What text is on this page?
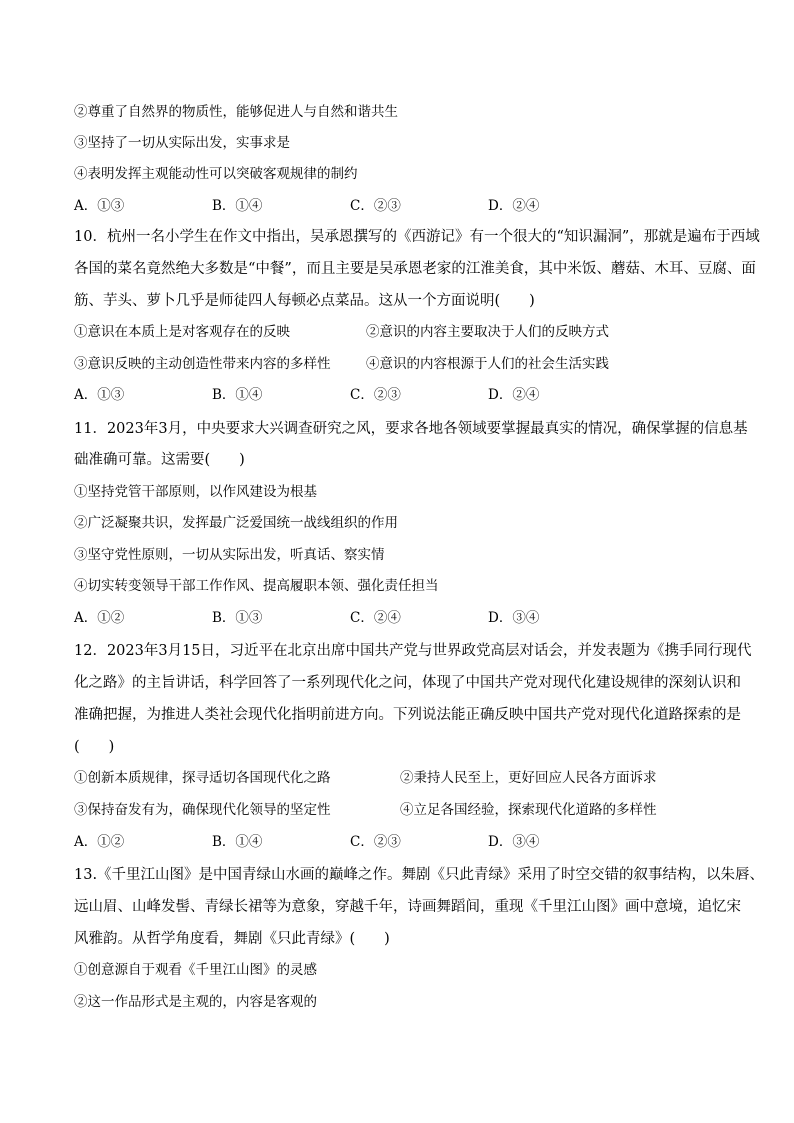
②尊重了自然界的物质性，能够促进人与自然和谐共生
③坚持了一切从实际出发，实事求是
④表明发挥主观能动性可以突破客观规律的制约
A．①③	B．①④	C．②③	D．②④
10．杭州一名小学生在作文中指出，吴承恩撰写的《西游记》有一个很大的“知识漏洞”，那就是遍布于西域
各国的菜名竟然绝大多数是“中餐”，而且主要是吴承恩老家的江淮美食，其中米饭、蘑菇、木耳、豆腐、面
筋、芋头、萝卜几乎是师徒四人每顿必点菜品。这从一个方面说明(　　)
①意识在本质上是对客观存在的反映	②意识的内容主要取决于人们的反映方式
③意识反映的主动创造性带来内容的多样性	④意识的内容根源于人们的社会生活实践
A．①③	B．①④	C．②③	D．②④
11．2023年3月，中央要求大兴调查研究之风，要求各地各领域要掌握最真实的情况，确保掌握的信息基
础准确可靠。这需要(　　)
①坚持党管干部原则，以作风建设为根基
②广泛凝聚共识，发挥最广泛爱国统一战线组织的作用
③坚守党性原则，一切从实际出发，听真话、察实情
④切实转变领导干部工作作风、提高履职本领、强化责任担当
A．①②	B．①③	C．②④	D．③④
12．2023年3月15日，习近平在北京出席中国共产党与世界政党高层对话会，并发表题为《携手同行现代
化之路》的主旨讲话，科学回答了一系列现代化之问，体现了中国共产党对现代化建设规律的深刻认识和
准确把握，为推进人类社会现代化指明前进方向。下列说法能正确反映中国共产党对现代化道路探索的是
(　　)
①创新本质规律，探寻适切各国现代化之路	②秉持人民至上，更好回应人民各方面诉求
③保持奋发有为，确保现代化领导的坚定性	④立足各国经验，探索现代化道路的多样性
A．①②	B．①④	C．②③	D．③④
13.《千里江山图》是中国青绿山水画的巅峰之作。舞剧《只此青绿》采用了时空交错的叙事结构，以朱唇、
远山眉、山峰发髻、青绿长裙等为意象，穿越千年，诗画舞蹈间，重现《千里江山图》画中意境，追忆宋
风雅韵。从哲学角度看，舞剧《只此青绿》(　　)
①创意源自于观看《千里江山图》的灵感
②这一作品形式是主观的，内容是客观的
